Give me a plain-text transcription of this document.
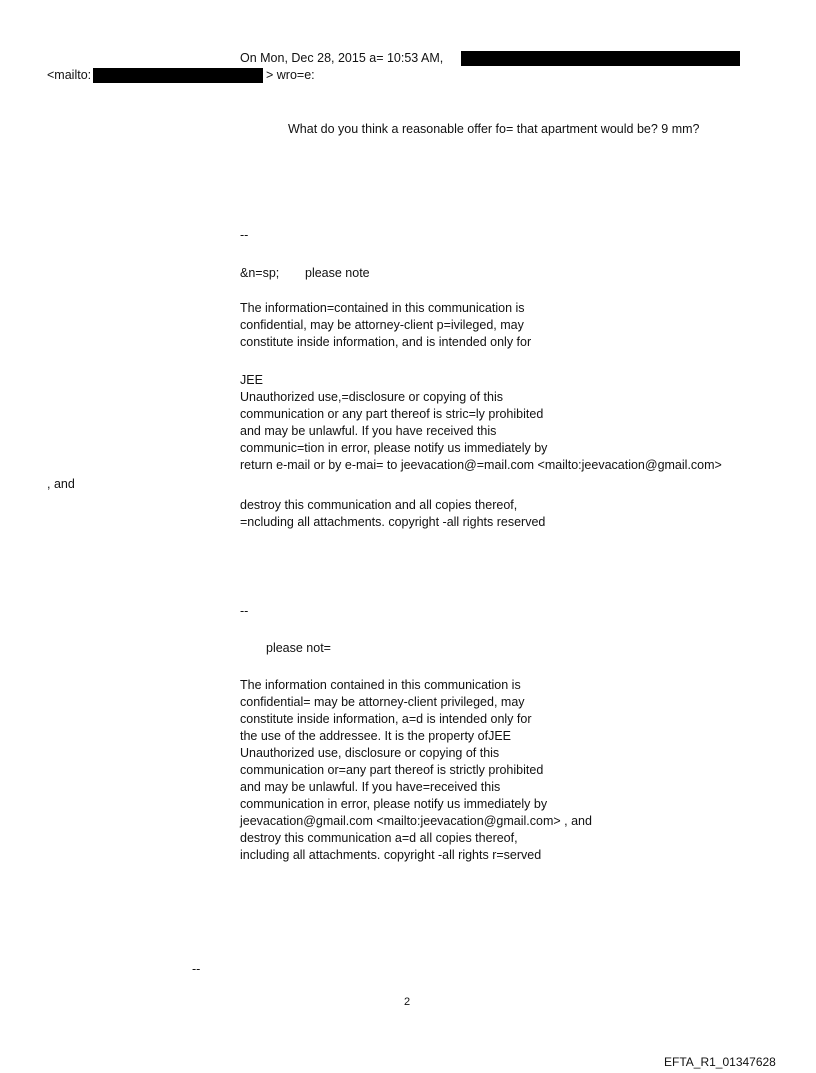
On Mon, Dec 28, 2015 a= 10:53 AM,

<mailto:	> wro=e:

What do you think a reasonable offer fo= that apartment would be? 9 mm?

--

&n=sp; please note

The information=contained in this communication is

confidential, may be attorney-client p=ivileged, may

constitute inside information, and is intended only for

JEE

Unauthorized use,=disclosure or copying of this

communication or any part thereof is stric=ly prohibited

and may be unlawful. If you have received this

communic=tion in error, please notify us immediately by

return e-mail or by e-mai= to jeevacation@=mail.com <mailto:jeevacation@gmail.com>

, and

destroy this communication and all copies thereof,

=ncluding all attachments. copyright -all rights reserved

--

please not=

The information contained in this communication is

confidential= may be attorney-client privileged, may

constitute inside information, a=d is intended only for

the use of the addressee. It is the property ofJEE

Unauthorized use, disclosure or copying of this

communication or=any part thereof is strictly prohibited

and may be unlawful. If you have=received this

communication in error, please notify us immediately by

jeevacation@gmail.com <mailto:jeevacation@gmail.com> , and

destroy this communication a=d all copies thereof,

including all attachments. copyright -all rights r=served

--

2

EFTA_R1_01347628
